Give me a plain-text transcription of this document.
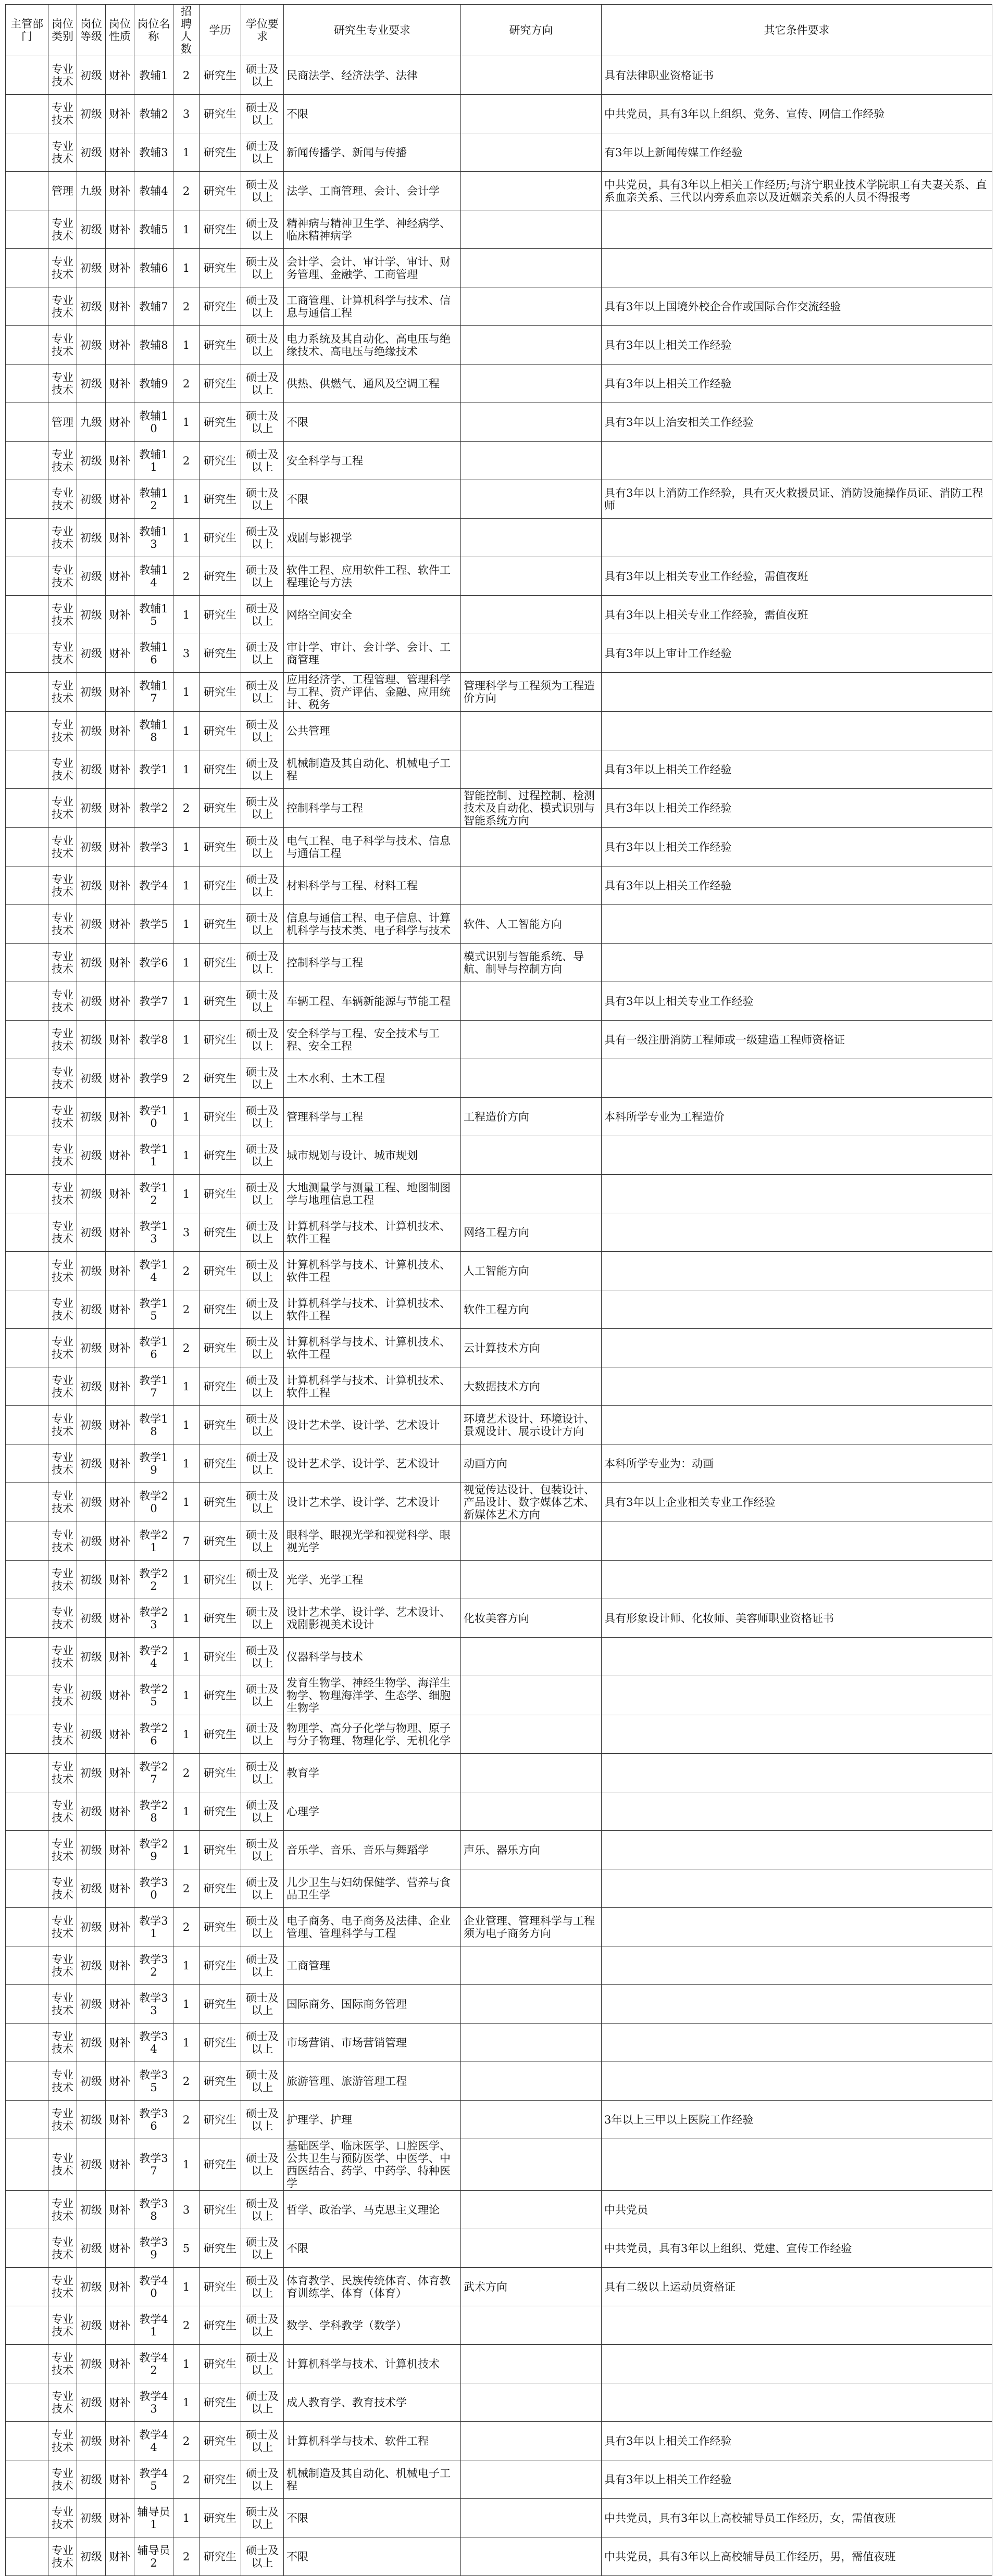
主管部门	岗位类别	岗位等级	岗位性质	岗位名称	招聘人数	学历	学位要求	研究生专业要求	研究方向	其它条件要求
	专业技术	初级	财补	教辅1	2	研究生	硕士及以上	民商法学、经济法学、法律		具有法律职业资格证书
	专业技术	初级	财补	教辅2	3	研究生	硕士及以上	不限		中共党员，具有3年以上组织、党务、宣传、网信工作经验
	专业技术	初级	财补	教辅3	1	研究生	硕士及以上	新闻传播学、新闻与传播		有3年以上新闻传媒工作经验
	管理	九级	财补	教辅4	2	研究生	硕士及以上	法学、工商管理、会计、会计学		中共党员，具有3年以上相关工作经历;与济宁职业技术学院职工有夫妻关系、直系血亲关系、三代以内旁系血亲以及近姻亲关系的人员不得报考
	专业技术	初级	财补	教辅5	1	研究生	硕士及以上	精神病与精神卫生学、神经病学、临床精神病学		
	专业技术	初级	财补	教辅6	1	研究生	硕士及以上	会计学、会计、审计学、审计、财务管理、金融学、工商管理		
	专业技术	初级	财补	教辅7	2	研究生	硕士及以上	工商管理、计算机科学与技术、信息与通信工程		具有3年以上国境外校企合作或国际合作交流经验
	专业技术	初级	财补	教辅8	1	研究生	硕士及以上	电力系统及其自动化、高电压与绝缘技术、高电压与绝缘技术		具有3年以上相关工作经验
	专业技术	初级	财补	教辅9	2	研究生	硕士及以上	供热、供燃气、通风及空调工程		具有3年以上相关工作经验
	管理	九级	财补	教辅10	1	研究生	硕士及以上	不限		具有3年以上治安相关工作经验
	专业技术	初级	财补	教辅11	2	研究生	硕士及以上	安全科学与工程		
	专业技术	初级	财补	教辅12	1	研究生	硕士及以上	不限		具有3年以上消防工作经验，具有灭火救援员证、消防设施操作员证、消防工程师
	专业技术	初级	财补	教辅13	1	研究生	硕士及以上	戏剧与影视学		
	专业技术	初级	财补	教辅14	2	研究生	硕士及以上	软件工程、应用软件工程、软件工程理论与方法		具有3年以上相关专业工作经验，需值夜班
	专业技术	初级	财补	教辅15	1	研究生	硕士及以上	网络空间安全		具有3年以上相关专业工作经验，需值夜班
	专业技术	初级	财补	教辅16	3	研究生	硕士及以上	审计学、审计、会计学、会计、工商管理		具有3年以上审计工作经验
	专业技术	初级	财补	教辅17	1	研究生	硕士及以上	应用经济学、工程管理、管理科学与工程、资产评估、金融、应用统计、税务	管理科学与工程须为工程造价方向	
	专业技术	初级	财补	教辅18	1	研究生	硕士及以上	公共管理		
	专业技术	初级	财补	教学1	1	研究生	硕士及以上	机械制造及其自动化、机械电子工程		具有3年以上相关工作经验
	专业技术	初级	财补	教学2	2	研究生	硕士及以上	控制科学与工程	智能控制、过程控制、检测技术及自动化、模式识别与智能系统方向	具有3年以上相关工作经验
	专业技术	初级	财补	教学3	1	研究生	硕士及以上	电气工程、电子科学与技术、信息与通信工程		具有3年以上相关工作经验
	专业技术	初级	财补	教学4	1	研究生	硕士及以上	材料科学与工程、材料工程		具有3年以上相关工作经验
	专业技术	初级	财补	教学5	1	研究生	硕士及以上	信息与通信工程、电子信息、计算机科学与技术类、电子科学与技术	软件、人工智能方向	
	专业技术	初级	财补	教学6	1	研究生	硕士及以上	控制科学与工程	模式识别与智能系统、导航、制导与控制方向	
	专业技术	初级	财补	教学7	1	研究生	硕士及以上	车辆工程、车辆新能源与节能工程		具有3年以上相关专业工作经验
	专业技术	初级	财补	教学8	1	研究生	硕士及以上	安全科学与工程、安全技术与工程、安全工程		具有一级注册消防工程师或一级建造工程师资格证
	专业技术	初级	财补	教学9	2	研究生	硕士及以上	土木水利、土木工程		
	专业技术	初级	财补	教学10	1	研究生	硕士及以上	管理科学与工程	工程造价方向	本科所学专业为工程造价
	专业技术	初级	财补	教学11	1	研究生	硕士及以上	城市规划与设计、城市规划		
	专业技术	初级	财补	教学12	1	研究生	硕士及以上	大地测量学与测量工程、地图制图学与地理信息工程		
	专业技术	初级	财补	教学13	3	研究生	硕士及以上	计算机科学与技术、计算机技术、软件工程	网络工程方向	
	专业技术	初级	财补	教学14	2	研究生	硕士及以上	计算机科学与技术、计算机技术、软件工程	人工智能方向	
	专业技术	初级	财补	教学15	2	研究生	硕士及以上	计算机科学与技术、计算机技术、软件工程	软件工程方向	
	专业技术	初级	财补	教学16	2	研究生	硕士及以上	计算机科学与技术、计算机技术、软件工程	云计算技术方向	
	专业技术	初级	财补	教学17	1	研究生	硕士及以上	计算机科学与技术、计算机技术、软件工程	大数据技术方向	
	专业技术	初级	财补	教学18	1	研究生	硕士及以上	设计艺术学、设计学、艺术设计	环境艺术设计、环境设计、景观设计、展示设计方向	
	专业技术	初级	财补	教学19	1	研究生	硕士及以上	设计艺术学、设计学、艺术设计	动画方向	本科所学专业为：动画
	专业技术	初级	财补	教学20	1	研究生	硕士及以上	设计艺术学、设计学、艺术设计	视觉传达设计、包装设计、产品设计、数字媒体艺术、新媒体艺术方向	具有3年以上企业相关专业工作经验
	专业技术	初级	财补	教学21	7	研究生	硕士及以上	眼科学、眼视光学和视觉科学、眼视光学		
	专业技术	初级	财补	教学22	1	研究生	硕士及以上	光学、光学工程		
	专业技术	初级	财补	教学23	1	研究生	硕士及以上	设计艺术学、设计学、艺术设计、戏剧影视美术设计	化妆美容方向	具有形象设计师、化妆师、美容师职业资格证书
	专业技术	初级	财补	教学24	1	研究生	硕士及以上	仪器科学与技术		
	专业技术	初级	财补	教学25	1	研究生	硕士及以上	发育生物学、神经生物学、海洋生物学、物理海洋学、生态学、细胞生物学		
	专业技术	初级	财补	教学26	1	研究生	硕士及以上	物理学、高分子化学与物理、原子与分子物理、物理化学、无机化学		
	专业技术	初级	财补	教学27	2	研究生	硕士及以上	教育学		
	专业技术	初级	财补	教学28	1	研究生	硕士及以上	心理学		
	专业技术	初级	财补	教学29	1	研究生	硕士及以上	音乐学、音乐、音乐与舞蹈学	声乐、器乐方向	
	专业技术	初级	财补	教学30	2	研究生	硕士及以上	儿少卫生与妇幼保健学、营养与食品卫生学		
	专业技术	初级	财补	教学31	2	研究生	硕士及以上	电子商务、电子商务及法律、企业管理、管理科学与工程	企业管理、管理科学与工程须为电子商务方向	
	专业技术	初级	财补	教学32	1	研究生	硕士及以上	工商管理		
	专业技术	初级	财补	教学33	1	研究生	硕士及以上	国际商务、国际商务管理		
	专业技术	初级	财补	教学34	1	研究生	硕士及以上	市场营销、市场营销管理		
	专业技术	初级	财补	教学35	2	研究生	硕士及以上	旅游管理、旅游管理工程		
	专业技术	初级	财补	教学36	2	研究生	硕士及以上	护理学、护理		3年以上三甲以上医院工作经验
	专业技术	初级	财补	教学37	1	研究生	硕士及以上	基础医学、临床医学、口腔医学、公共卫生与预防医学、中医学、中西医结合、药学、中药学、特种医学		
	专业技术	初级	财补	教学38	3	研究生	硕士及以上	哲学、政治学、马克思主义理论		中共党员
	专业技术	初级	财补	教学39	5	研究生	硕士及以上	不限		中共党员，具有3年以上组织、党建、宣传工作经验
	专业技术	初级	财补	教学40	1	研究生	硕士及以上	体育教学、民族传统体育、体育教育训练学、体育（体育）	武术方向	具有二级以上运动员资格证
	专业技术	初级	财补	教学41	2	研究生	硕士及以上	数学、学科教学（数学）		
	专业技术	初级	财补	教学42	1	研究生	硕士及以上	计算机科学与技术、计算机技术		
	专业技术	初级	财补	教学43	1	研究生	硕士及以上	成人教育学、教育技术学		
	专业技术	初级	财补	教学44	2	研究生	硕士及以上	计算机科学与技术、软件工程		具有3年以上相关工作经验
	专业技术	初级	财补	教学45	2	研究生	硕士及以上	机械制造及其自动化、机械电子工程		具有3年以上相关工作经验
	专业技术	初级	财补	辅导员1	1	研究生	硕士及以上	不限		中共党员，具有3年以上高校辅导员工作经历，女，需值夜班
	专业技术	初级	财补	辅导员2	2	研究生	硕士及以上	不限		中共党员，具有3年以上高校辅导员工作经历，男，需值夜班
